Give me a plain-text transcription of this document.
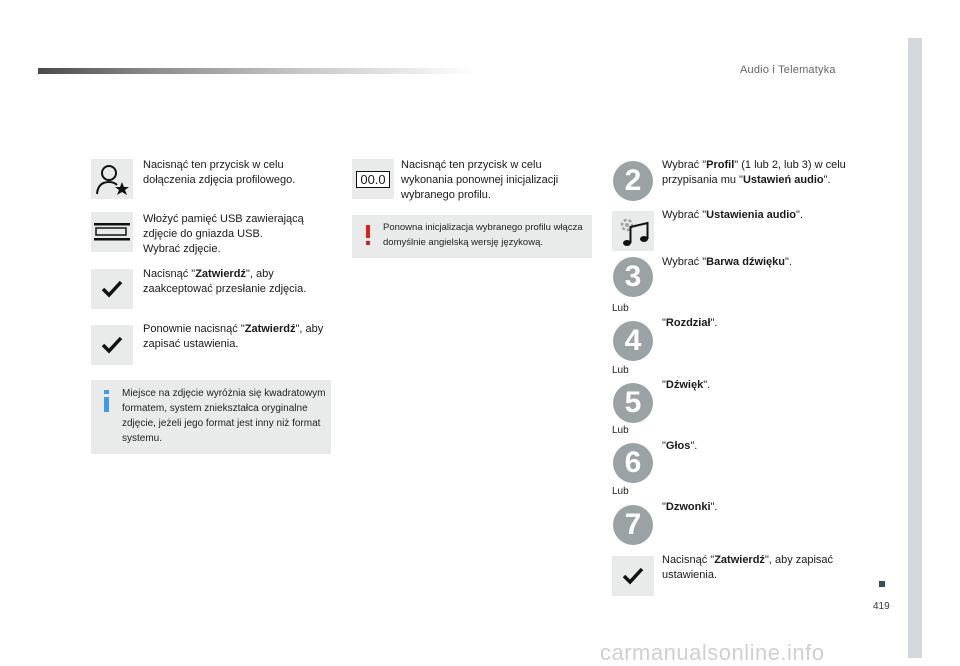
Audio i Telematyka
419
carmanualsonline.info
Nacisnąć ten przycisk w celu dołączenia zdjęcia profilowego.
Włożyć pamięć USB zawierającą zdjęcie do gniazda USB.
Wybrać zdjęcie.
Nacisnąć "Zatwierdź", aby zaakceptować przesłanie zdjęcia.
Ponownie nacisnąć "Zatwierdź", aby zapisać ustawienia.
Miejsce na zdjęcie wyróżnia się kwadratowym formatem, system zniekształca oryginalne zdjęcie, jeżeli jego format jest inny niż format systemu.
00.0
Nacisnąć ten przycisk w celu wykonania ponownej inicjalizacji wybranego profilu.
Ponowna inicjalizacja wybranego profilu włącza domyślnie angielską wersję językową.
2	Wybrać "Profil" (1 lub 2, lub 3) w celu przypisania mu "Ustawień audio".
Wybrać "Ustawienia audio".
3	Wybrać "Barwa dźwięku".
Lub
4
"Rozdział".
Lub
5
"Dźwięk".
Lub
6	"Głos".
Lub
7
"Dzwonki".
Nacisnąć "Zatwierdź", aby zapisać ustawienia.
